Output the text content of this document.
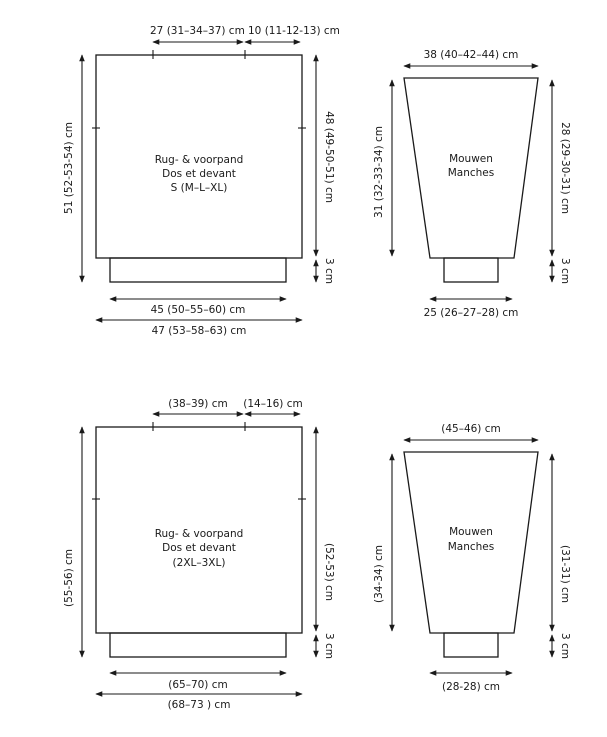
27 (31–34–37) cm 10 (11-12-13) cm
51 (52-53-54) cm	48 (49-50-51) cm
3 cm
45 (50–55–60) cm
47 (53–58–63) cm
Rug- & voorpand
Dos et devant
S (M–L–XL)
38 (40–42–44) cm
31 (32-33-34) cm	28 (29-30-31) cm
3 cm
25 (26–27–28) cm
Mouwen
Manches
(38–39) cm (14–16) cm
(55-56) cm	(52-53) cm
3 cm
(65–70) cm
(68–73 ) cm
Rug- & voorpand
Dos et devant
(2XL–3XL)
(45–46) cm
(34-34) cm	(31-31) cm
3 cm
(28-28) cm
Mouwen
Manches
